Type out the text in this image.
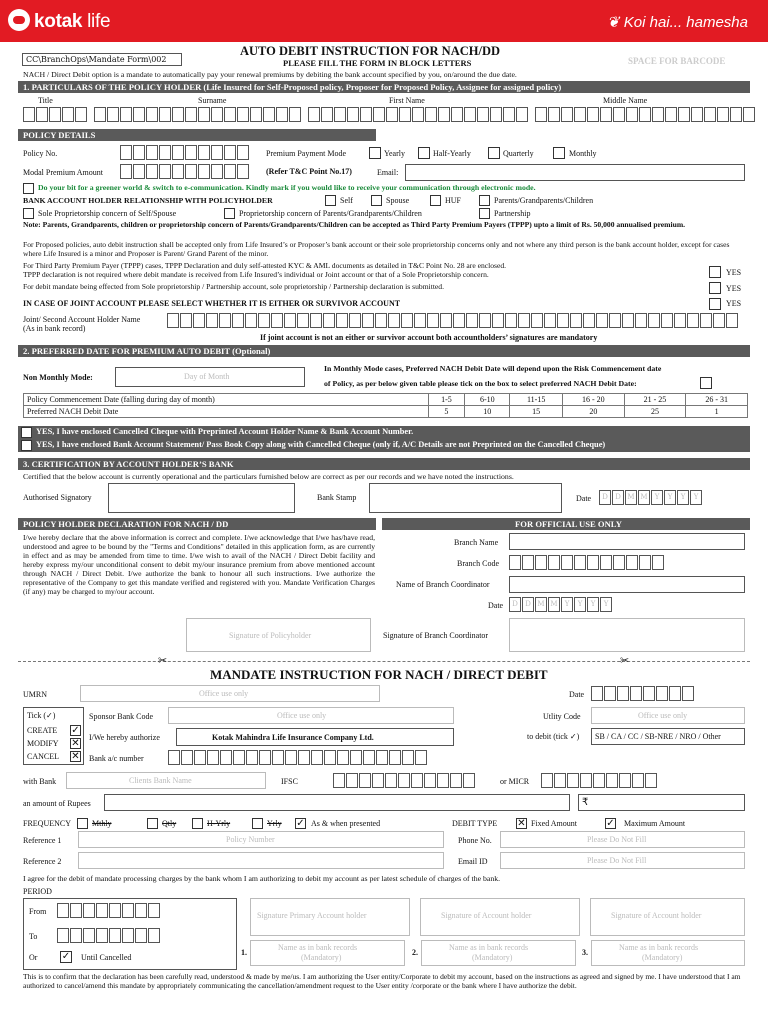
kotak life	❦ Koi hai... hamesha
CC\BranchOps\Mandate Form\002
AUTO DEBIT INSTRUCTION FOR NACH/DD
PLEASE FILL THE FORM IN BLOCK LETTERS	SPACE FOR BARCODE
NACH / Direct Debit option is a mandate to automatically pay your renewal premiums by debiting the bank account specified by you, on/around the due date.
1. PARTICULARS OF THE POLICY HOLDER (Life Insured for Self-Proposed policy, Proposer for Proposed Policy, Assignee for assigned policy)
Title	Surname	First Name	Middle Name
POLICY DETAILS
Policy No.	Premium Payment Mode	Yearly	Half-Yearly	Quarterly	Monthly
Modal Premium Amount	(Refer T&C Point No.17)	Email:
Do your bit for a greener world & switch to e-communication. Kindly mark if you would like to receive your communication through electronic mode.
BANK ACCOUNT HOLDER RELATIONSHIP WITH POLICYHOLDER	Self	Spouse	HUF	Parents/Grandparents/Children
Sole Proprietorship concern of Self/Spouse	Proprietorship concern of Parents/Grandparents/Children	Partnership
Note: Parents, Grandparents, children or proprietorship concern of Parents/Grandparents/Children can be accepted as Third Party Premium Payers (TPPP) upto a limit of Rs. 50,000 annualised premium.
For Proposed policies, auto debit instruction shall be accepted only from Life Insured’s or Proposer’s bank account or their sole proprietorship concerns only and not where any third person is the bank account holder, except for cases where Life Insured is a minor and Proposer is Parent/ Grand Parent of the minor.
For Third Party Premium Payer (TPPP) cases, TPPP Declaration and duly self-attested KYC & AML documents as detailed in T&C Point No. 28 are enclosed.
TPPP declaration is not required where debit mandate is received from Life Insured’s individual or Joint account or that of a Sole Proprietorship concern.
For debit mandate being effected from Sole proprietorship / Partnership account, sole proprietorship / Partnership declaration is submitted.
YES
YES
IN CASE OF JOINT ACCOUNT PLEASE SELECT WHETHER IT IS EITHER OR SURVIVOR ACCOUNT	YES
Joint/ Second Account Holder Name
(As in bank record)
If joint account is not an either or survivor account both accountholders’ signatures are mandatory
2. PREFERRED DATE FOR PREMIUM AUTO DEBIT (Optional)
Non Monthly Mode:	Day of Month
In Monthly Mode cases, Preferred NACH Debit Date will depend upon the Risk Commencement date
of Policy, as per below given table please tick on the box to select preferred NACH Debit Date:
Policy Commencement Date (falling during day of month)	1-5	6-10	11-15	16 - 20	21 - 25	26 - 31
Preferred NACH Debit Date	5	10	15	20	25	1
YES, I have enclosed Cancelled Cheque with Preprinted Account Holder Name & Bank Account Number.
YES, I have enclosed Bank Account Statement/ Pass Book Copy along with Cancelled Cheque (only if, A/C Details are not Preprinted on the Cancelled Cheque)
3. CERTIFICATION BY ACCOUNT HOLDER’S BANK
Certified that the below account is currently operational and the particulars furnished below are correct as per our records and we have noted the instructions.
Authorised Signatory	Bank Stamp	Date	D	D M M	Y	Y	Y	Y
POLICY HOLDER DECLARATION FOR NACH / DD	FOR OFFICIAL USE ONLY
I/we hereby declare that the above information is correct and complete. I/we acknowledge that I/we has/have read, understood and agree to be bound by the "Terms and Conditions" detailed in this application form, as are currently in effect and as may be amended from time to time. I/we wish to avail of the NACH / Direct Debit facility and hereby express my/our unconditional consent to debit my/our insurance premium from above mentioned account through NACH / Direct Debit. I/we authorize the bank to honour all such instructions. I/we authorize the representative of the Company to get this mandate verified and registered with you. Mandate Verification Charges (if any) may be charged to my/our account.
Signature of Policyholder
Branch Name
Branch Code
Name of Branch Coordinator
Date	D	D M M	Y	Y	Y	Y
Signature of Branch Coordinator
✂	✂
MANDATE INSTRUCTION FOR NACH / DIRECT DEBIT
UMRN	Office use only	Date
Tick (✓)
CREATE ✓
MODIFY ✕
CANCEL ✕
Sponsor Bank Code	Office use only	Utlity Code	Office use only
I/We hereby authorize	Kotak Mahindra Life Insurance Company Ltd.	to debit (tick ✓) SB / CA / CC / SB-NRE / NRO / Other
Bank a/c number
with Bank	Clients Bank Name	IFSC	or MICR
an amount of Rupees	₹
FREQUENCY	Mthly	Qtly	H-Yrly	Yrly ✓ As & when presented	DEBIT TYPE ✕ Fixed Amount	✓ Maximum Amount
Reference 1	Policy Number	Phone No.	Please Do Not Fill
Reference 2	Email ID	Please Do Not Fill
I agree for the debit of mandate processing charges by the bank whom I am authorizing to debit my account as per latest schedule of charges of the bank.
PERIOD
From
To
Or ✓ Until Cancelled
Signature Primary Account holder	Signature of Account holder	Signature of Account holder
1.
Name as in bank records
(Mandatory)
2.
Name as in bank records
(Mandatory)
3.
Name as in bank records
(Mandatory)
This is to confirm that the declaration has been carefully read, understood & made by me/us. I am authorizing the User entity/Corporate to debit my account, based on the instructions as agreed and signed by me. I have understood that I am authorized to cancel/amend this mandate by appropriately communicating the cancellation/amendment request to the User entity /corporate or the bank where I have authorize the debit.
